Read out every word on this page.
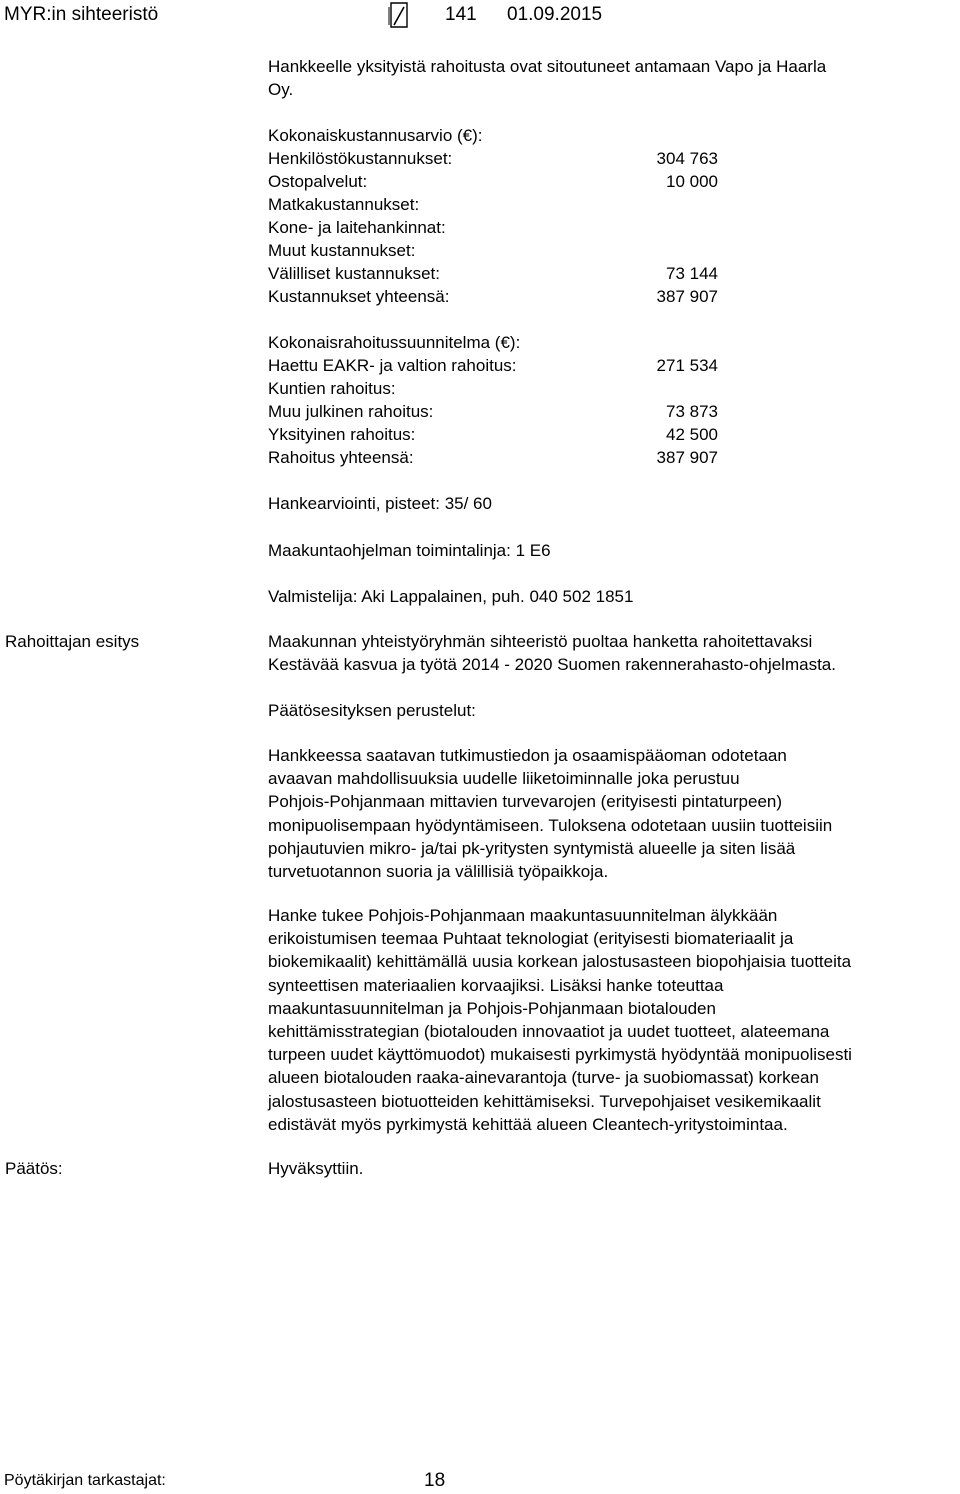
MYR:in sihteeristö	141 01.09.2015
Hankkeelle yksityistä rahoitusta ovat sitoutuneet antamaan Vapo ja Haarla
Oy.
Kokonaiskustannusarvio (€):
Henkilöstökustannukset:	304 763
Ostopalvelut:	10 000
Matkakustannukset:
Kone- ja laitehankinnat:
Muut kustannukset:
Välilliset kustannukset:	73 144
Kustannukset yhteensä:	387 907
Kokonaisrahoitussuunnitelma (€):
Haettu EAKR- ja valtion rahoitus:	271 534
Kuntien rahoitus:
Muu julkinen rahoitus:	73 873
Yksityinen rahoitus:	42 500
Rahoitus yhteensä:	387 907
Hankearviointi, pisteet: 35/ 60
Maakuntaohjelman toimintalinja: 1 E6
Valmistelija: Aki Lappalainen, puh. 040 502 1851
Rahoittajan esitys	Maakunnan yhteistyöryhmän sihteeristö puoltaa hanketta rahoitettavaksi
Kestävää kasvua ja työtä 2014 - 2020 Suomen rakennerahasto-ohjelmasta.
Päätösesityksen perustelut:
Hankkeessa saatavan tutkimustiedon ja osaamispääoman odotetaan
avaavan mahdollisuuksia uudelle liiketoiminnalle joka perustuu
Pohjois-Pohjanmaan mittavien turvevarojen (erityisesti pintaturpeen)
monipuolisempaan hyödyntämiseen. Tuloksena odotetaan uusiin tuotteisiin
pohjautuvien mikro- ja/tai pk-yritysten syntymistä alueelle ja siten lisää
turvetuotannon suoria ja välillisiä työpaikkoja.
Hanke tukee Pohjois-Pohjanmaan maakuntasuunnitelman älykkään
erikoistumisen teemaa Puhtaat teknologiat (erityisesti biomateriaalit ja
biokemikaalit) kehittämällä uusia korkean jalostusasteen biopohjaisia tuotteita
synteettisen materiaalien korvaajiksi. Lisäksi hanke toteuttaa
maakuntasuunnitelman ja Pohjois-Pohjanmaan biotalouden
kehittämisstrategian (biotalouden innovaatiot ja uudet tuotteet, alateemana
turpeen uudet käyttömuodot) mukaisesti pyrkimystä hyödyntää monipuolisesti
alueen biotalouden raaka-ainevarantoja (turve- ja suobiomassat) korkean
jalostusasteen biotuotteiden kehittämiseksi. Turvepohjaiset vesikemikaalit
edistävät myös pyrkimystä kehittää alueen Cleantech-yritystoimintaa.
Päätös:	Hyväksyttiin.
Pöytäkirjan tarkastajat:	18
